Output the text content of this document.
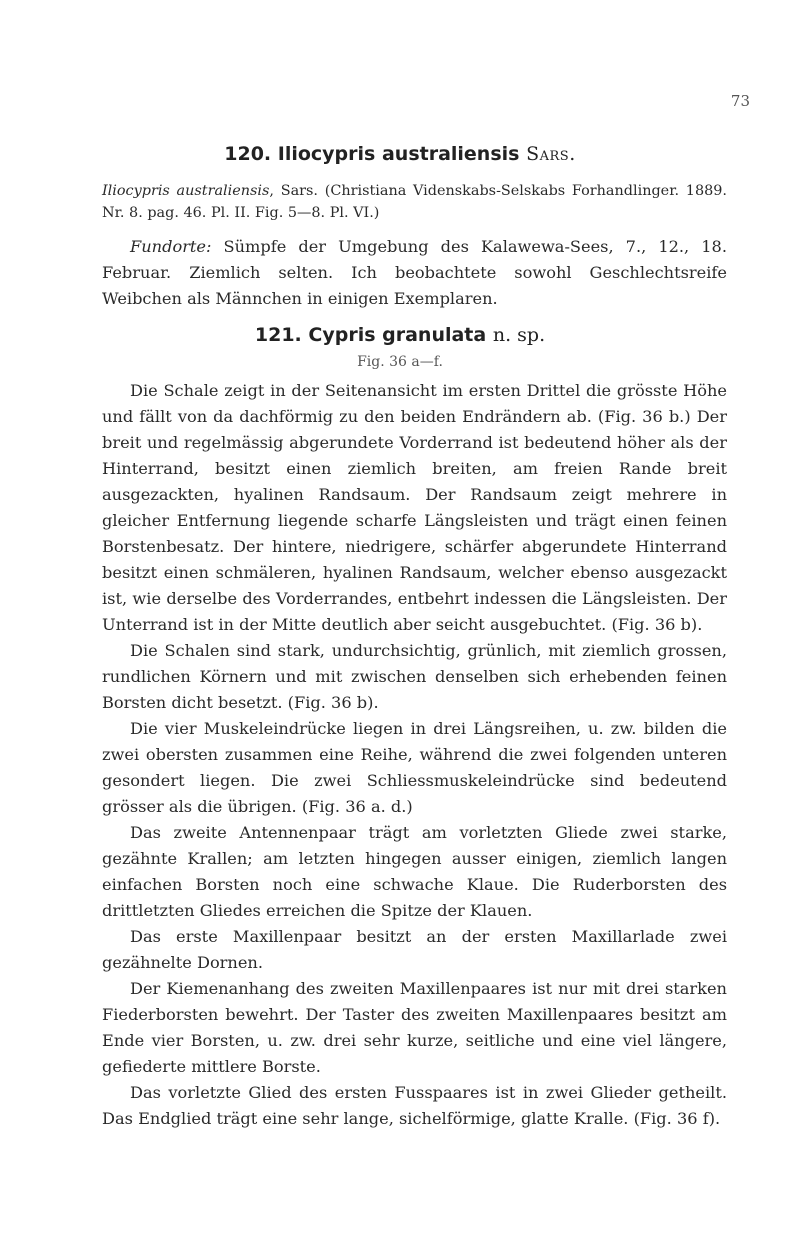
73
120. Iliocypris australiensis Sars.

Iliocypris australiensis, Sars. (Christiana Videnskabs-Selskabs Forhandlinger. 1889. Nr. 8. pag. 46. Pl. II. Fig. 5—8. Pl. VI.)

Fundorte: Sümpfe der Umgebung des Kalawewa-Sees, 7., 12., 18. Februar. Ziemlich selten. Ich beobachtete sowohl Geschlechtsreife Weibchen als Männchen in einigen Exemplaren.

121. Cypris granulata n. sp.
Fig. 36 a—f.

Die Schale zeigt in der Seitenansicht im ersten Drittel die grösste Höhe und fällt von da dachförmig zu den beiden Endrändern ab. (Fig. 36 b.) Der breit und regelmässig abgerundete Vorderrand ist bedeutend höher als der Hinterrand, besitzt einen ziemlich breiten, am freien Rande breit ausgezackten, hyalinen Randsaum. Der Randsaum zeigt mehrere in gleicher Entfernung liegende scharfe Längsleisten und trägt einen feinen Borstenbesatz. Der hintere, niedrigere, schärfer abgerundete Hinterrand besitzt einen schmäleren, hyalinen Randsaum, welcher ebenso ausgezackt ist, wie derselbe des Vorderrandes, entbehrt indessen die Längsleisten. Der Unterrand ist in der Mitte deutlich aber seicht ausgebuchtet. (Fig. 36 b).

Die Schalen sind stark, undurchsichtig, grünlich, mit ziemlich grossen, rundlichen Körnern und mit zwischen denselben sich erhebenden feinen Borsten dicht besetzt. (Fig. 36 b).

Die vier Muskeleindrücke liegen in drei Längsreihen, u. zw. bilden die zwei obersten zusammen eine Reihe, während die zwei folgenden unteren gesondert liegen. Die zwei Schliessmuskeleindrücke sind bedeutend grösser als die übrigen. (Fig. 36 a. d.)

Das zweite Antennenpaar trägt am vorletzten Gliede zwei starke, gezähnte Krallen; am letzten hingegen ausser einigen, ziemlich langen einfachen Borsten noch eine schwache Klaue. Die Ruderborsten des drittletzten Gliedes erreichen die Spitze der Klauen.

Das erste Maxillenpaar besitzt an der ersten Maxillarlade zwei gezähnelte Dornen.

Der Kiemenanhang des zweiten Maxillenpaares ist nur mit drei starken Fiederborsten bewehrt. Der Taster des zweiten Maxillenpaares besitzt am Ende vier Borsten, u. zw. drei sehr kurze, seitliche und eine viel längere, gefiederte mittlere Borste.

Das vorletzte Glied des ersten Fusspaares ist in zwei Glieder getheilt. Das Endglied trägt eine sehr lange, sichelförmige, glatte Kralle. (Fig. 36 f).
